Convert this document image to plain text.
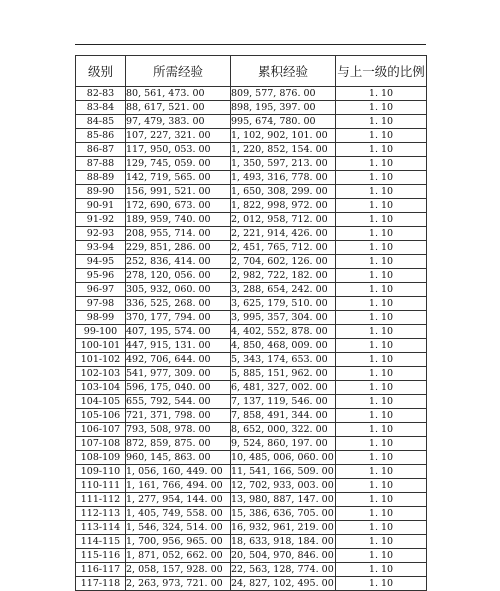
级别	所需经验	累积经验	与上一级的比例
82-83	80, 561, 473. 00	809, 577, 876. 00	1. 10
83-84	88, 617, 521. 00	898, 195, 397. 00	1. 10
84-85	97, 479, 383. 00	995, 674, 780. 00	1. 10
85-86	107, 227, 321. 00	1, 102, 902, 101. 00	1. 10
86-87	117, 950, 053. 00	1, 220, 852, 154. 00	1. 10
87-88	129, 745, 059. 00	1, 350, 597, 213. 00	1. 10
88-89	142, 719, 565. 00	1, 493, 316, 778. 00	1. 10
89-90	156, 991, 521. 00	1, 650, 308, 299. 00	1. 10
90-91	172, 690, 673. 00	1, 822, 998, 972. 00	1. 10
91-92	189, 959, 740. 00	2, 012, 958, 712. 00	1. 10
92-93	208, 955, 714. 00	2, 221, 914, 426. 00	1. 10
93-94	229, 851, 286. 00	2, 451, 765, 712. 00	1. 10
94-95	252, 836, 414. 00	2, 704, 602, 126. 00	1. 10
95-96	278, 120, 056. 00	2, 982, 722, 182. 00	1. 10
96-97	305, 932, 060. 00	3, 288, 654, 242. 00	1. 10
97-98	336, 525, 268. 00	3, 625, 179, 510. 00	1. 10
98-99	370, 177, 794. 00	3, 995, 357, 304. 00	1. 10
99-100	407, 195, 574. 00	4, 402, 552, 878. 00	1. 10
100-101	447, 915, 131. 00	4, 850, 468, 009. 00	1. 10
101-102	492, 706, 644. 00	5, 343, 174, 653. 00	1. 10
102-103	541, 977, 309. 00	5, 885, 151, 962. 00	1. 10
103-104	596, 175, 040. 00	6, 481, 327, 002. 00	1. 10
104-105	655, 792, 544. 00	7, 137, 119, 546. 00	1. 10
105-106	721, 371, 798. 00	7, 858, 491, 344. 00	1. 10
106-107	793, 508, 978. 00	8, 652, 000, 322. 00	1. 10
107-108	872, 859, 875. 00	9, 524, 860, 197. 00	1. 10
108-109	960, 145, 863. 00	10, 485, 006, 060. 00	1. 10
109-110	1, 056, 160, 449. 00	11, 541, 166, 509. 00	1. 10
110-111	1, 161, 766, 494. 00	12, 702, 933, 003. 00	1. 10
111-112	1, 277, 954, 144. 00	13, 980, 887, 147. 00	1. 10
112-113	1, 405, 749, 558. 00	15, 386, 636, 705. 00	1. 10
113-114	1, 546, 324, 514. 00	16, 932, 961, 219. 00	1. 10
114-115	1, 700, 956, 965. 00	18, 633, 918, 184. 00	1. 10
115-116	1, 871, 052, 662. 00	20, 504, 970, 846. 00	1. 10
116-117	2, 058, 157, 928. 00	22, 563, 128, 774. 00	1. 10
117-118	2, 263, 973, 721. 00	24, 827, 102, 495. 00	1. 10
